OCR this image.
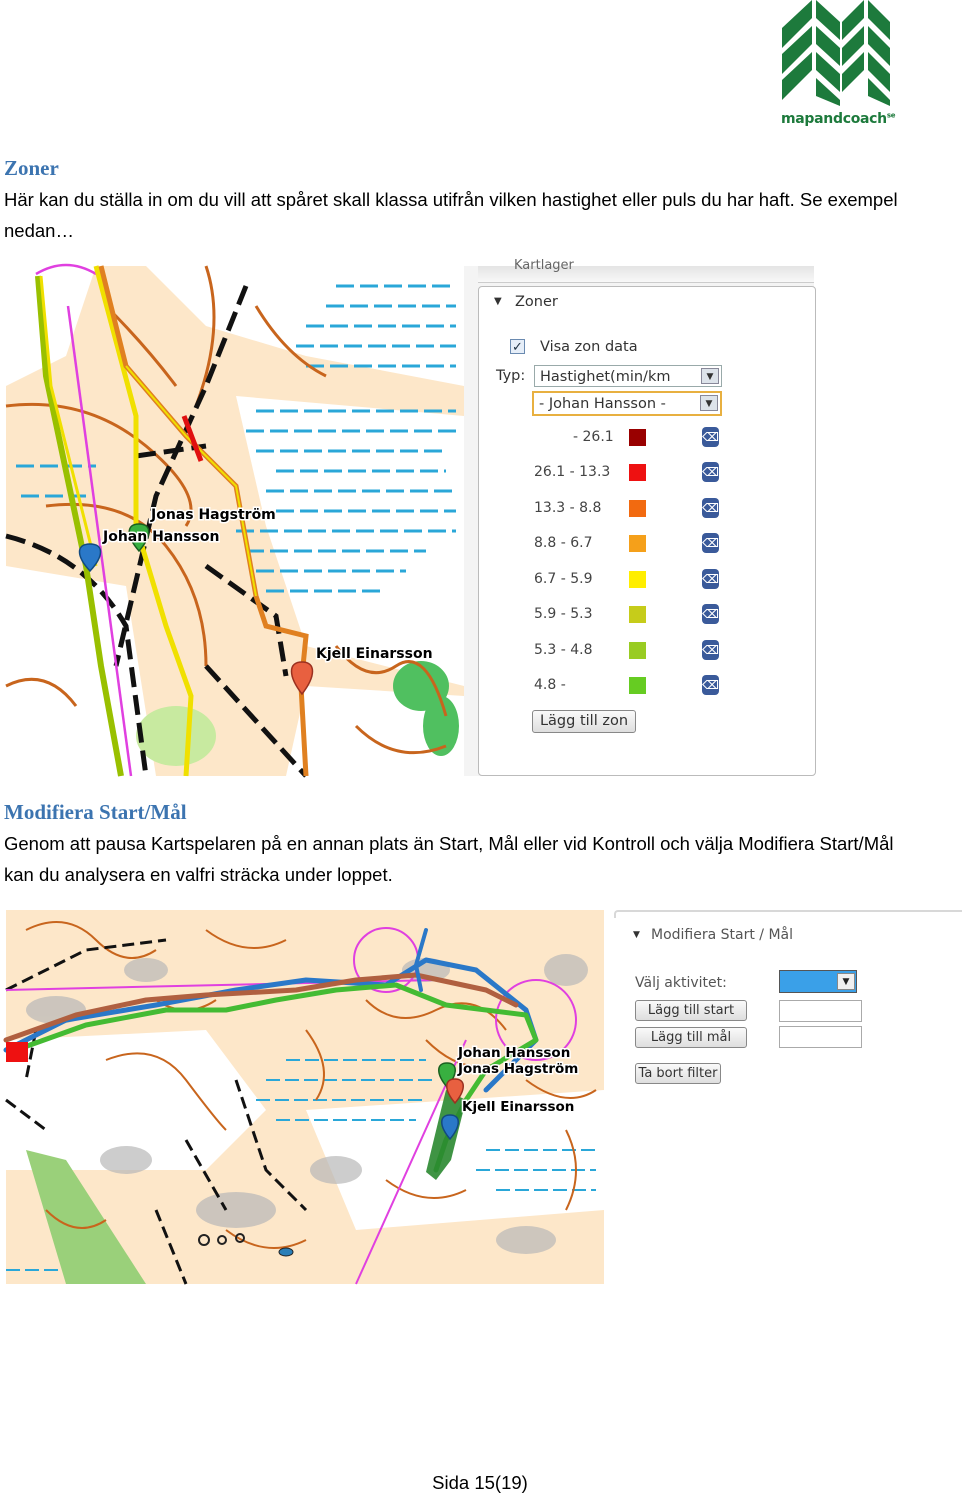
mapandcoach$^{se}$
Zoner

Här kan du ställa in om du vill att spåret skall klassa utifrån vilken hastighet eller puls du har haft. Se exempel nedan…

Jonas Hagström
Johan Hansson
Kjell Einarsson
Kartlager
▼ Zoner
✓ Visa zon data
Typ:	Hastighet(min/km	▼
- Johan Hansson -	▼
- 26.1	⌫
26.1 - 13.3	⌫
13.3 - 8.8	⌫
8.8 - 6.7	⌫
6.7 - 5.9	⌫
5.9 - 5.3	⌫
5.3 - 4.8	⌫
4.8 -	⌫
Lägg till zon
Modifiera Start/Mål

Genom att pausa Kartspelaren på en annan plats än Start, Mål eller vid Kontroll och välja Modifiera Start/Mål kan du analysera en valfri sträcka under loppet.

Johan Hansson
Jonas Hagström
Kjell Einarsson
▼ Modifiera Start / Mål
Välj aktivitet:	▼
Lägg till start
Lägg till mål
Ta bort filter
Sida 15(19)
